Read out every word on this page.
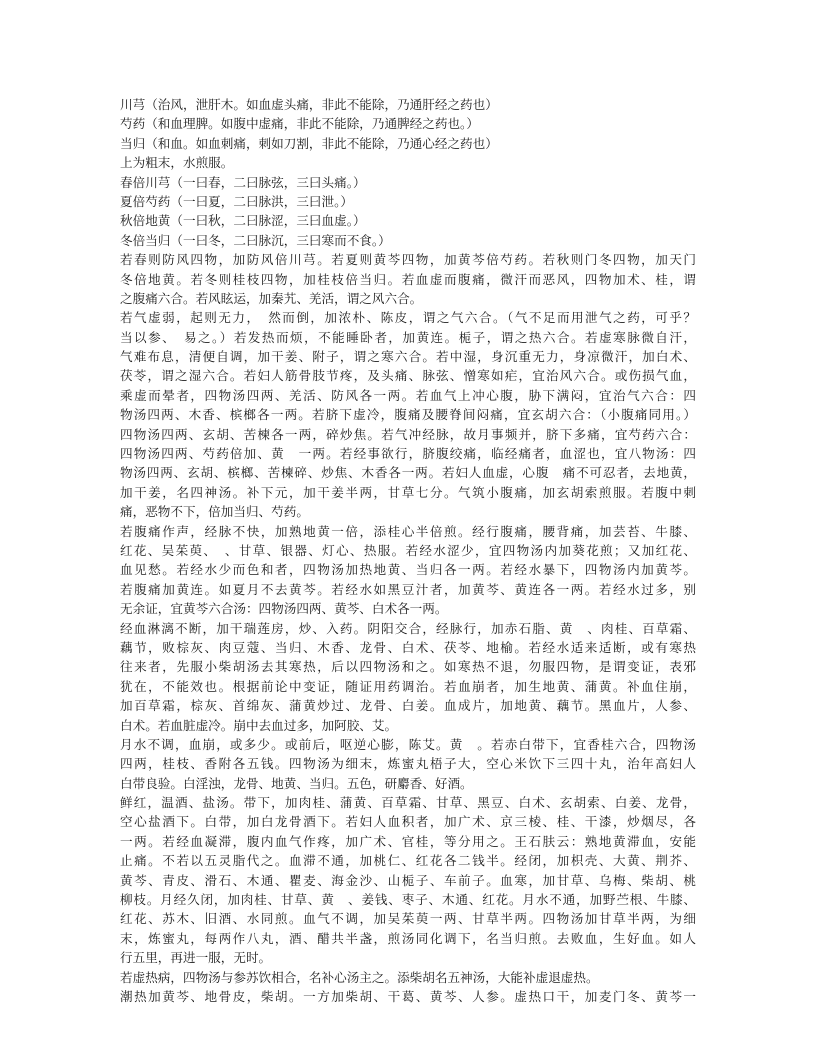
川芎（治风，泄肝木。如血虚头痛，非此不能除，乃通肝经之药也）
芍药（和血理脾。如腹中虚痛，非此不能除，乃通脾经之药也。）
当归（和血。如血刺痛，刺如刀割，非此不能除，乃通心经之药也）
上为粗末，水煎服。
春倍川芎（一曰春，二曰脉弦，三曰头痛。）
夏倍芍药（一曰夏，二曰脉洪，三曰泄。）
秋倍地黄（一曰秋，二曰脉涩，三曰血虚。）
冬倍当归（一曰冬，二曰脉沉，三曰寒而不食。）
若春则防风四物，加防风倍川芎。若夏则黄芩四物，加黄芩倍芍药。若秋则门冬四物，加天门
冬倍地黄。若冬则桂枝四物，加桂枝倍当归。若血虚而腹痛，微汗而恶风，四物加术、桂，谓
之腹痛六合。若风眩运，加秦艽、羌活，谓之风六合。
若气虚弱，起则无力，　然而倒，加浓朴、陈皮，谓之气六合。（气不足而用泄气之药，可乎？
当以参、　易之。）若发热而烦，不能睡卧者，加黄连。栀子，谓之热六合。若虚寒脉微自汗，
气难布息，清便自调，加干姜、附子，谓之寒六合。若中湿，身沉重无力，身凉微汗，加白术、
茯苓，谓之湿六合。若妇人筋骨肢节疼，及头痛、脉弦、憎寒如疟，宜治风六合。或伤损气血，
乘虚而晕者，四物汤四两、羌活、防风各一两。若血气上冲心腹，胁下满闷，宜治气六合：四
物汤四两、木香、槟榔各一两。若脐下虚冷，腹痛及腰脊间闷痛，宜玄胡六合：（小腹痛同用。）
四物汤四两、玄胡、苦楝各一两，碎炒焦。若气冲经脉，故月事频并，脐下多痛，宜芍药六合：
四物汤四两、芍药倍加、黄　一两。若经事欲行，脐腹绞痛，临经痛者，血涩也，宜八物汤：四
物汤四两、玄胡、槟榔、苦楝碎、炒焦、木香各一两。若妇人血虚，心腹　痛不可忍者，去地黄，
加干姜，名四神汤。补下元，加干姜半两，甘草七分。气筑小腹痛，加玄胡索煎服。若腹中刺
痛，恶物不下，倍加当归、芍药。
若腹痛作声，经脉不快，加熟地黄一倍，添桂心半倍煎。经行腹痛，腰背痛，加芸苔、牛膝、
红花、吴茱萸、　、甘草、银器、灯心、热服。若经水涩少，宜四物汤内加葵花煎；又加红花、
血见愁。若经水少而色和者，四物汤加热地黄、当归各一两。若经水暴下，四物汤内加黄芩。
若腹痛加黄连。如夏月不去黄芩。若经水如黑豆汁者，加黄芩、黄连各一两。若经水过多，别
无余证，宜黄芩六合汤：四物汤四两、黄芩、白术各一两。
经血淋漓不断，加干瑞莲房，炒、入药。阴阳交合，经脉行，加赤石脂、黄　、肉桂、百草霜、
藕节，败棕灰、肉豆蔻、当归、木香、龙骨、白术、茯苓、地榆。若经水适来适断，或有寒热
往来者，先服小柴胡汤去其寒热，后以四物汤和之。如寒热不退，勿服四物，是谓变证，表邪
犹在，不能效也。根据前论中变证，随证用药调治。若血崩者，加生地黄、蒲黄。补血住崩，
加百草霜，棕灰、首绵灰、蒲黄炒过、龙骨、白姜。血成片，加地黄、藕节。黑血片，人参、
白术。若血脏虚冷。崩中去血过多，加阿胶、艾。
月水不调，血崩，或多少。或前后，呕逆心膨，陈艾。黄　。若赤白带下，宜香桂六合，四物汤
四两，桂枝、香附各五钱。四物汤为细末，炼蜜丸梧子大，空心米饮下三四十丸，治年高妇人
白带良验。白淫浊，龙骨、地黄、当归。五色，研麝香、好酒。
鲜红，温酒、盐汤。带下，加肉桂、蒲黄、百草霜、甘草、黑豆、白术、玄胡索、白姜、龙骨，
空心盐酒下。白带，加白龙骨酒下。若妇人血积者，加广术、京三棱、桂、干漆，炒烟尽，各
一两。若经血凝滞，腹内血气作疼，加广术、官桂，等分用之。王石肤云：熟地黄滞血，安能
止痛。不若以五灵脂代之。血滞不通，加桃仁、红花各二钱半。经闭，加枳壳、大黄、荆芥、
黄芩、青皮、滑石、木通、瞿麦、海金沙、山栀子、车前子。血寒，加甘草、乌梅、柴胡、桃
柳枝。月经久闭，加肉桂、甘草、黄　、姜钱、枣子、木通、红花。月水不通，加野苎根、牛膝、
红花、苏木、旧酒、水同煎。血气不调，加吴茱萸一两、甘草半两。四物汤加甘草半两，为细
末，炼蜜丸，每两作八丸，酒、醋共半盏，煎汤同化调下，名当归煎。去败血，生好血。如人
行五里，再进一服，无时。
若虚热病，四物汤与参苏饮相合，名补心汤主之。添柴胡名五神汤，大能补虚退虚热。
潮热加黄芩、地骨皮，柴胡。一方加柴胡、干葛、黄芩、人参。虚热口干，加麦门冬、黄芩一
